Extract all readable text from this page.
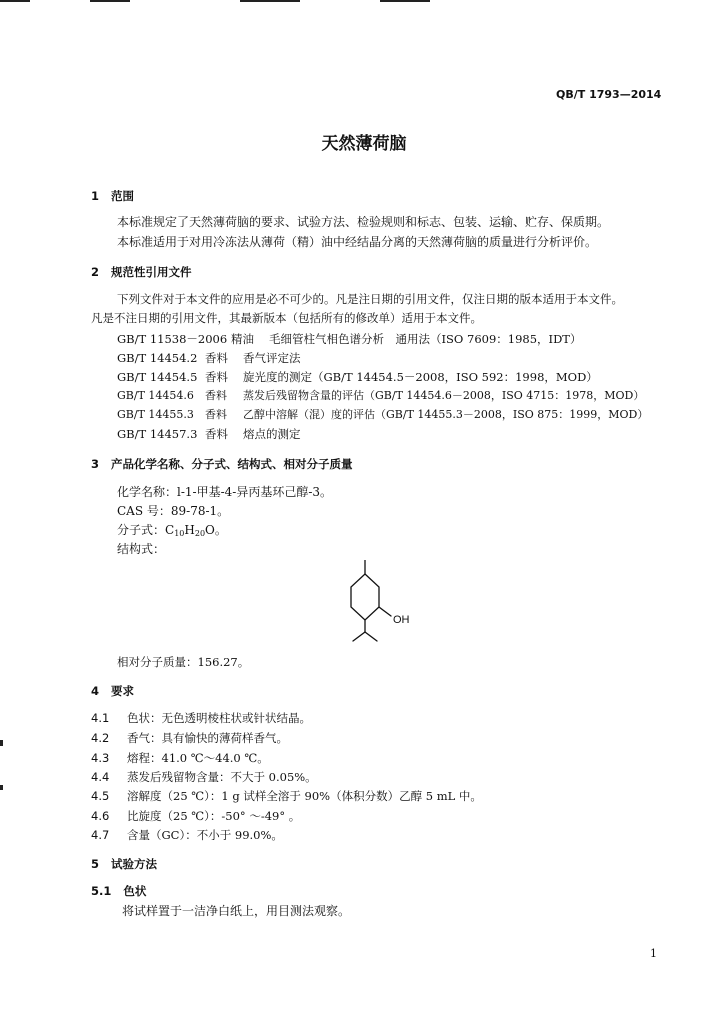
QB/T 1793—2014

天然薄荷脑

1 范围

本标准规定了天然薄荷脑的要求、试验方法、检验规则和标志、包装、运输、贮存、保质期。

本标准适用于对用冷冻法从薄荷（精）油中经结晶分离的天然薄荷脑的质量进行分析评价。

2 规范性引用文件

下列文件对于本文件的应用是必不可少的。凡是注日期的引用文件，仅注日期的版本适用于本文件。

凡是不注日期的引用文件，其最新版本（包括所有的修改单）适用于本文件。

GB/T 11538－2006 精油 毛细管柱气相色谱分析　通用法（ISO 7609：1985，IDT）
GB/T 14454.2 香料 香气评定法
GB/T 14454.5 香料 旋光度的测定（GB/T 14454.5－2008，ISO 592：1998，MOD）
GB/T 14454.6 香料 蒸发后残留物含量的评估（GB/T 14454.6－2008，ISO 4715：1978，MOD）
GB/T 14455.3 香料 乙醇中溶解（混）度的评估（GB/T 14455.3－2008，ISO 875：1999，MOD）
GB/T 14457.3 香料 熔点的测定

3 产品化学名称、分子式、结构式、相对分子质量

化学名称：l-1-甲基-4-异丙基环己醇-3。

CAS 号：89-78-1。

分子式：$C_{10}H_{20}O$。

结构式：

OH

相对分子质量：156.27。

4 要求

4.1 色状：无色透明棱柱状或针状结晶。
4.2 香气：具有愉快的薄荷样香气。
4.3 熔程：41.0 ℃～44.0 ℃。
4.4 蒸发后残留物含量：不大于 0.05%。
4.5 溶解度（25 ℃）：1 g 试样全溶于 90%（体积分数）乙醇 5 mL 中。
4.6 比旋度（25 ℃）：-50° ～-49° 。
4.7 含量（GC）：不小于 99.0%。

5 试验方法

5.1 色状

将试样置于一洁净白纸上，用目测法观察。

1
